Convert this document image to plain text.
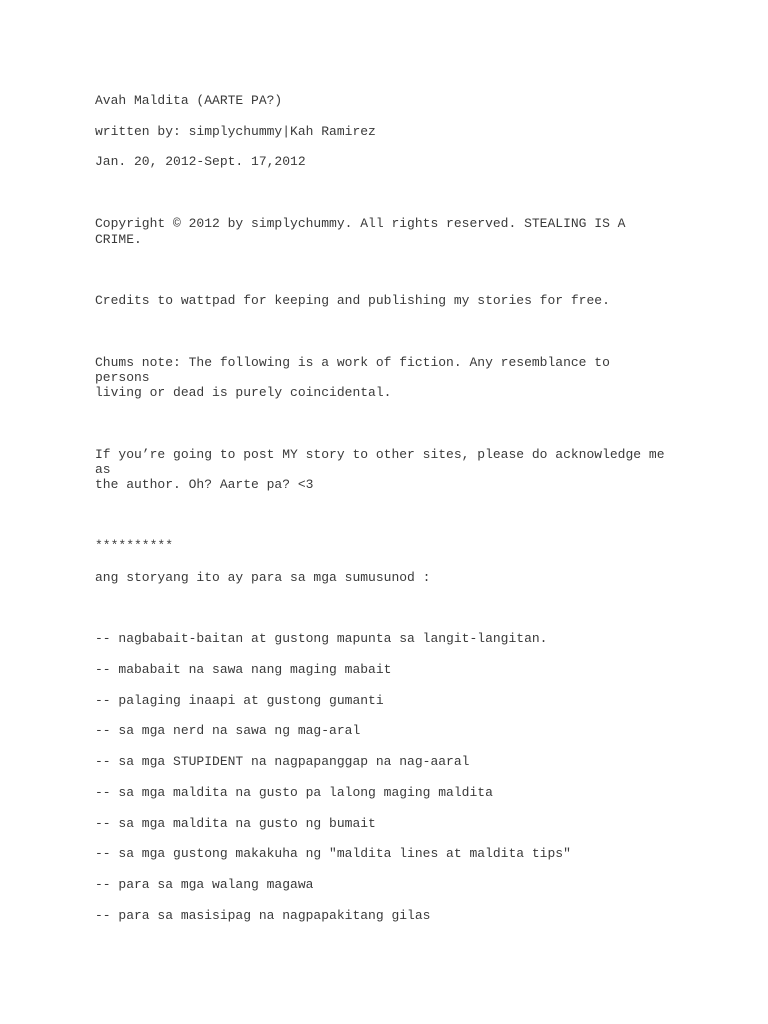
Avah Maldita (AARTE PA?)

written by: simplychummy|Kah Ramirez

Jan. 20, 2012-Sept. 17,2012

Copyright © 2012 by simplychummy. All rights reserved. STEALING IS A

CRIME.

Credits to wattpad for keeping and publishing my stories for free.

Chums note: The following is a work of fiction. Any resemblance to

persons

living or dead is purely coincidental.

If you’re going to post MY story to other sites, please do acknowledge me

as

the author. Oh? Aarte pa? <3

**********

ang storyang ito ay para sa mga sumusunod :

-- nagbabait-baitan at gustong mapunta sa langit-langitan.

-- mababait na sawa nang maging mabait

-- palaging inaapi at gustong gumanti

-- sa mga nerd na sawa ng mag-aral

-- sa mga STUPIDENT na nagpapanggap na nag-aaral

-- sa mga maldita na gusto pa lalong maging maldita

-- sa mga maldita na gusto ng bumait

-- sa mga gustong makakuha ng "maldita lines at maldita tips"

-- para sa mga walang magawa

-- para sa masisipag na nagpapakitang gilas
